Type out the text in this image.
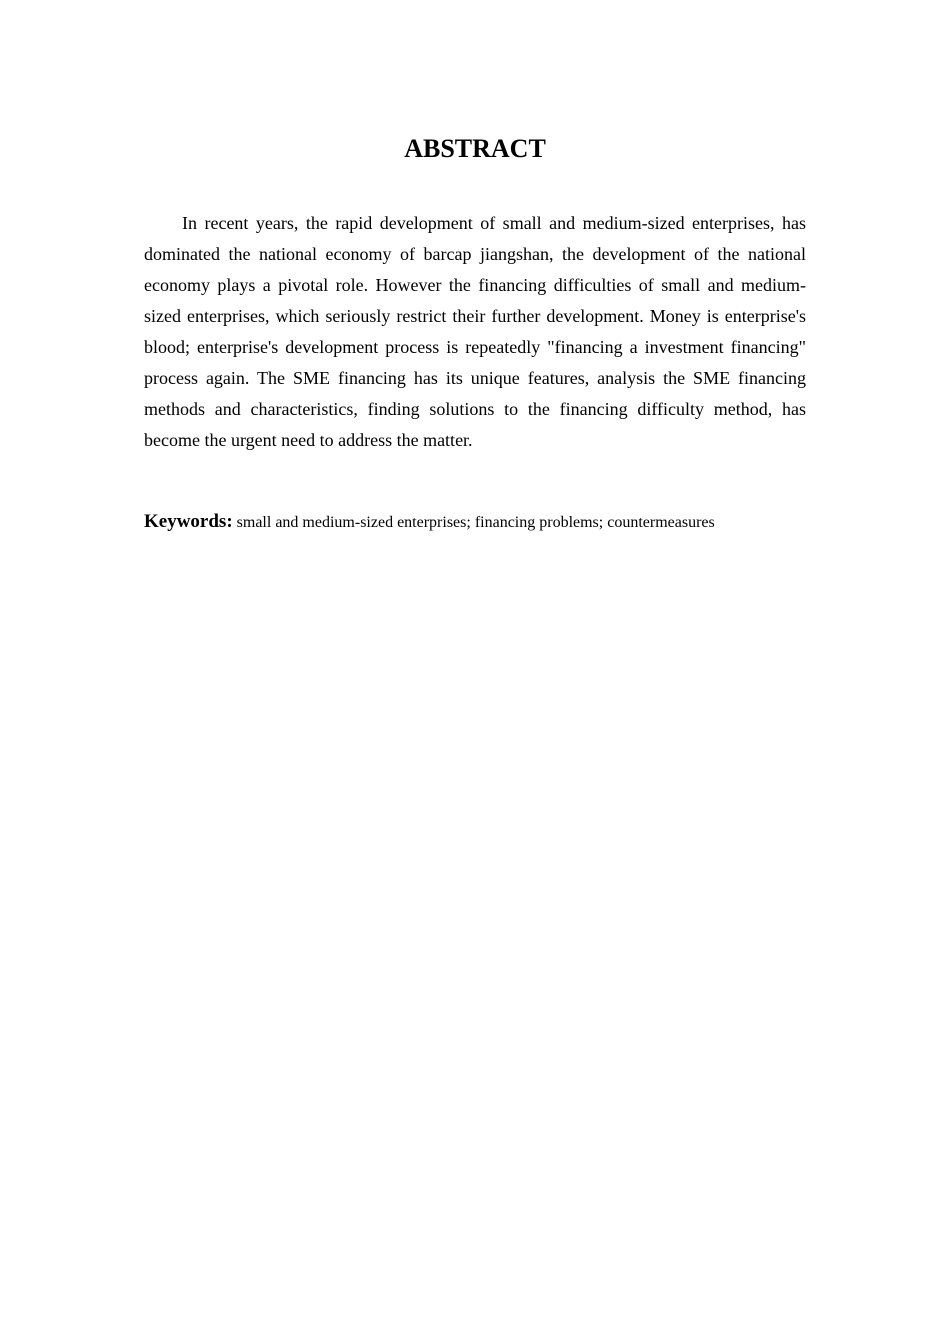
ABSTRACT

In recent years, the rapid development of small and medium-sized enterprises, has dominated the national economy of barcap jiangshan, the development of the national economy plays a pivotal role. However the financing difficulties of small and medium-sized enterprises, which seriously restrict their further development. Money is enterprise's blood; enterprise's development process is repeatedly "financing a investment financing" process again. The SME financing has its unique features, analysis the SME financing methods and characteristics, finding solutions to the financing difficulty method, has become the urgent need to address the matter.

Keywords: small and medium-sized enterprises; financing problems; countermeasures
